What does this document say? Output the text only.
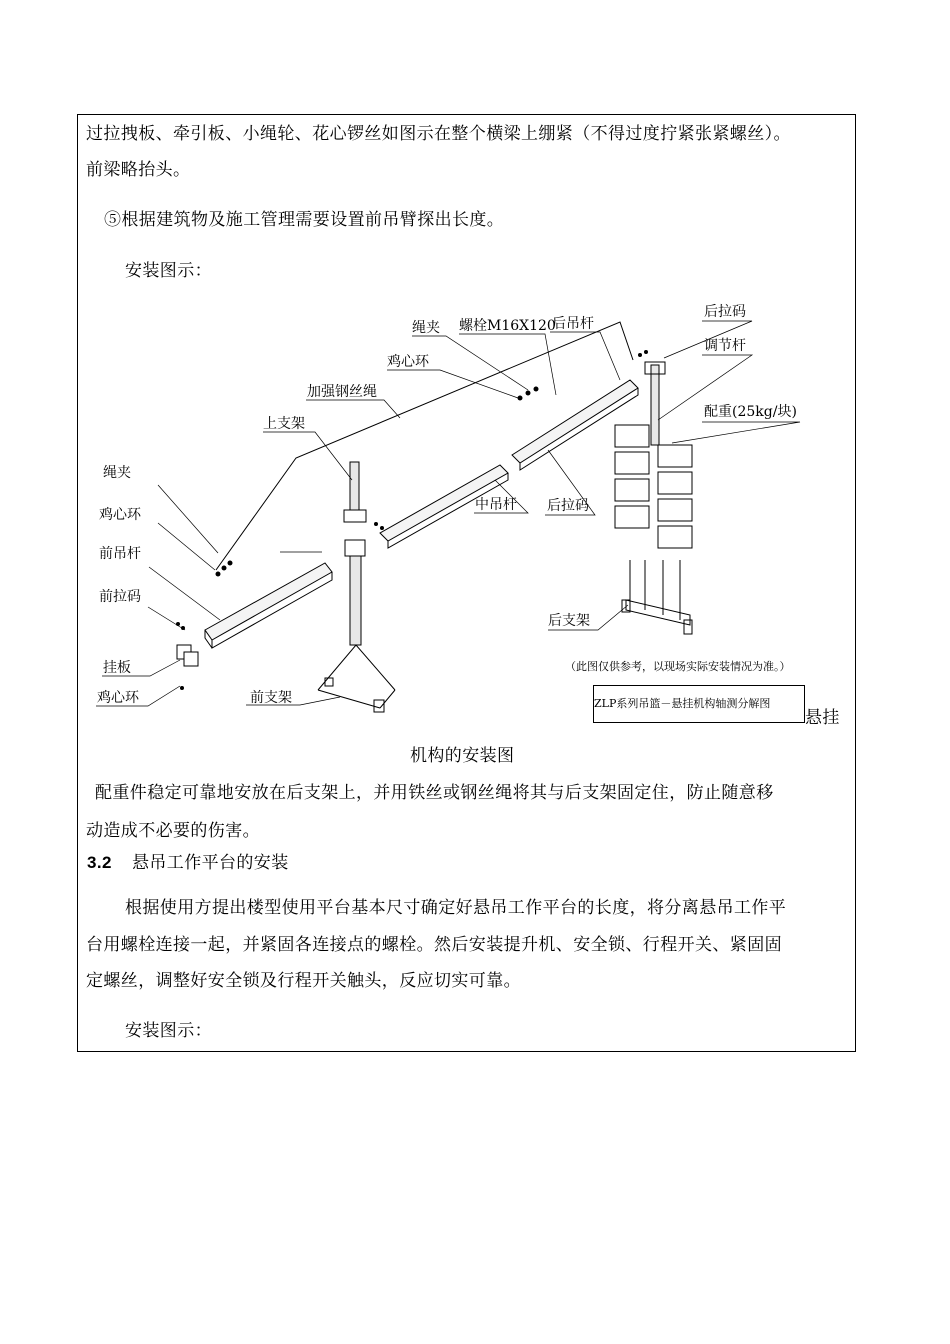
过拉拽板、牵引板、小绳轮、花心锣丝如图示在整个横梁上绷紧（不得过度拧紧张紧螺丝）。
前梁略抬头。
⑤根据建筑物及施工管理需要设置前吊臂探出长度。
安装图示：
绳夹 螺栓M16X120
后吊杆
后拉码
鸡心环
调节杆
加强钢丝绳
配重(25kg/块)
上支架
绳夹
中吊杆 后拉码
鸡心环
前吊杆
前拉码
后支架
挂板
鸡心环	前支架
（此图仅供参考，以现场实际安装情况为准。）
ZLP系列吊篮－悬挂机构轴测分解图
悬挂
机构的安装图
配重件稳定可靠地安放在后支架上，并用铁丝或钢丝绳将其与后支架固定住，防止随意移
动造成不必要的伤害。
3.2 悬吊工作平台的安装
根据使用方提出楼型使用平台基本尺寸确定好悬吊工作平台的长度，将分离悬吊工作平
台用螺栓连接一起，并紧固各连接点的螺栓。然后安装提升机、安全锁、行程开关、紧固固
定螺丝，调整好安全锁及行程开关触头，反应切实可靠。
安装图示：
